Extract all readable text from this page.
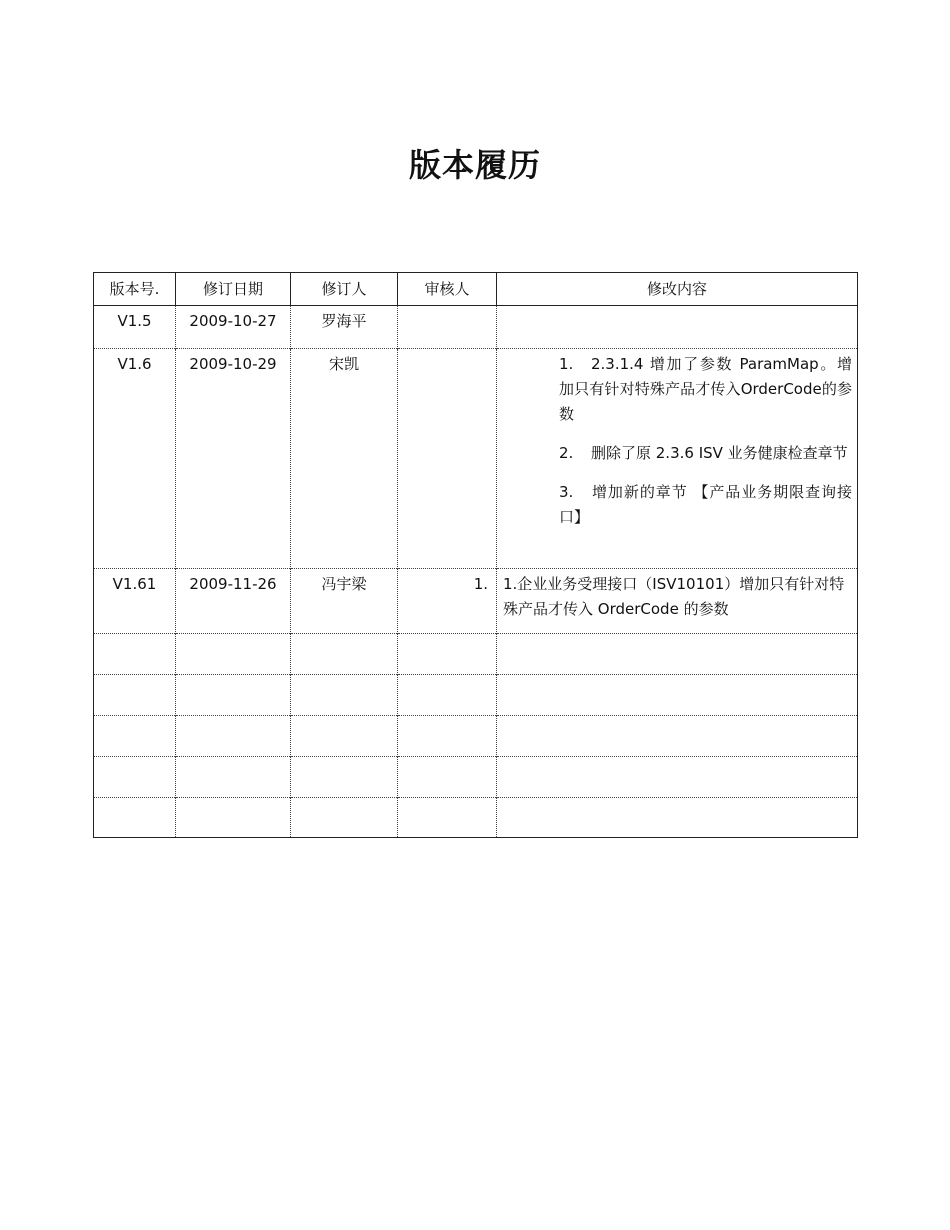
版本履历
版本号.	修订日期	修订人	审核人	修改内容

V1.5	2009-10-27	罗海平		

V1.6	2009-10-29	宋凯		1. 2.3.1.4 增加了参数 ParamMap。增加只有针对特殊产品才传入OrderCode的参数

2. 删除了原 2.3.6 ISV 业务健康检查章节

3. 增加新的章节 【产品业务期限查询接口】

V1.61	2009-11-26	冯宇梁	1.	1.企业业务受理接口（ISV10101）增加只有针对特殊产品才传入 OrderCode 的参数
